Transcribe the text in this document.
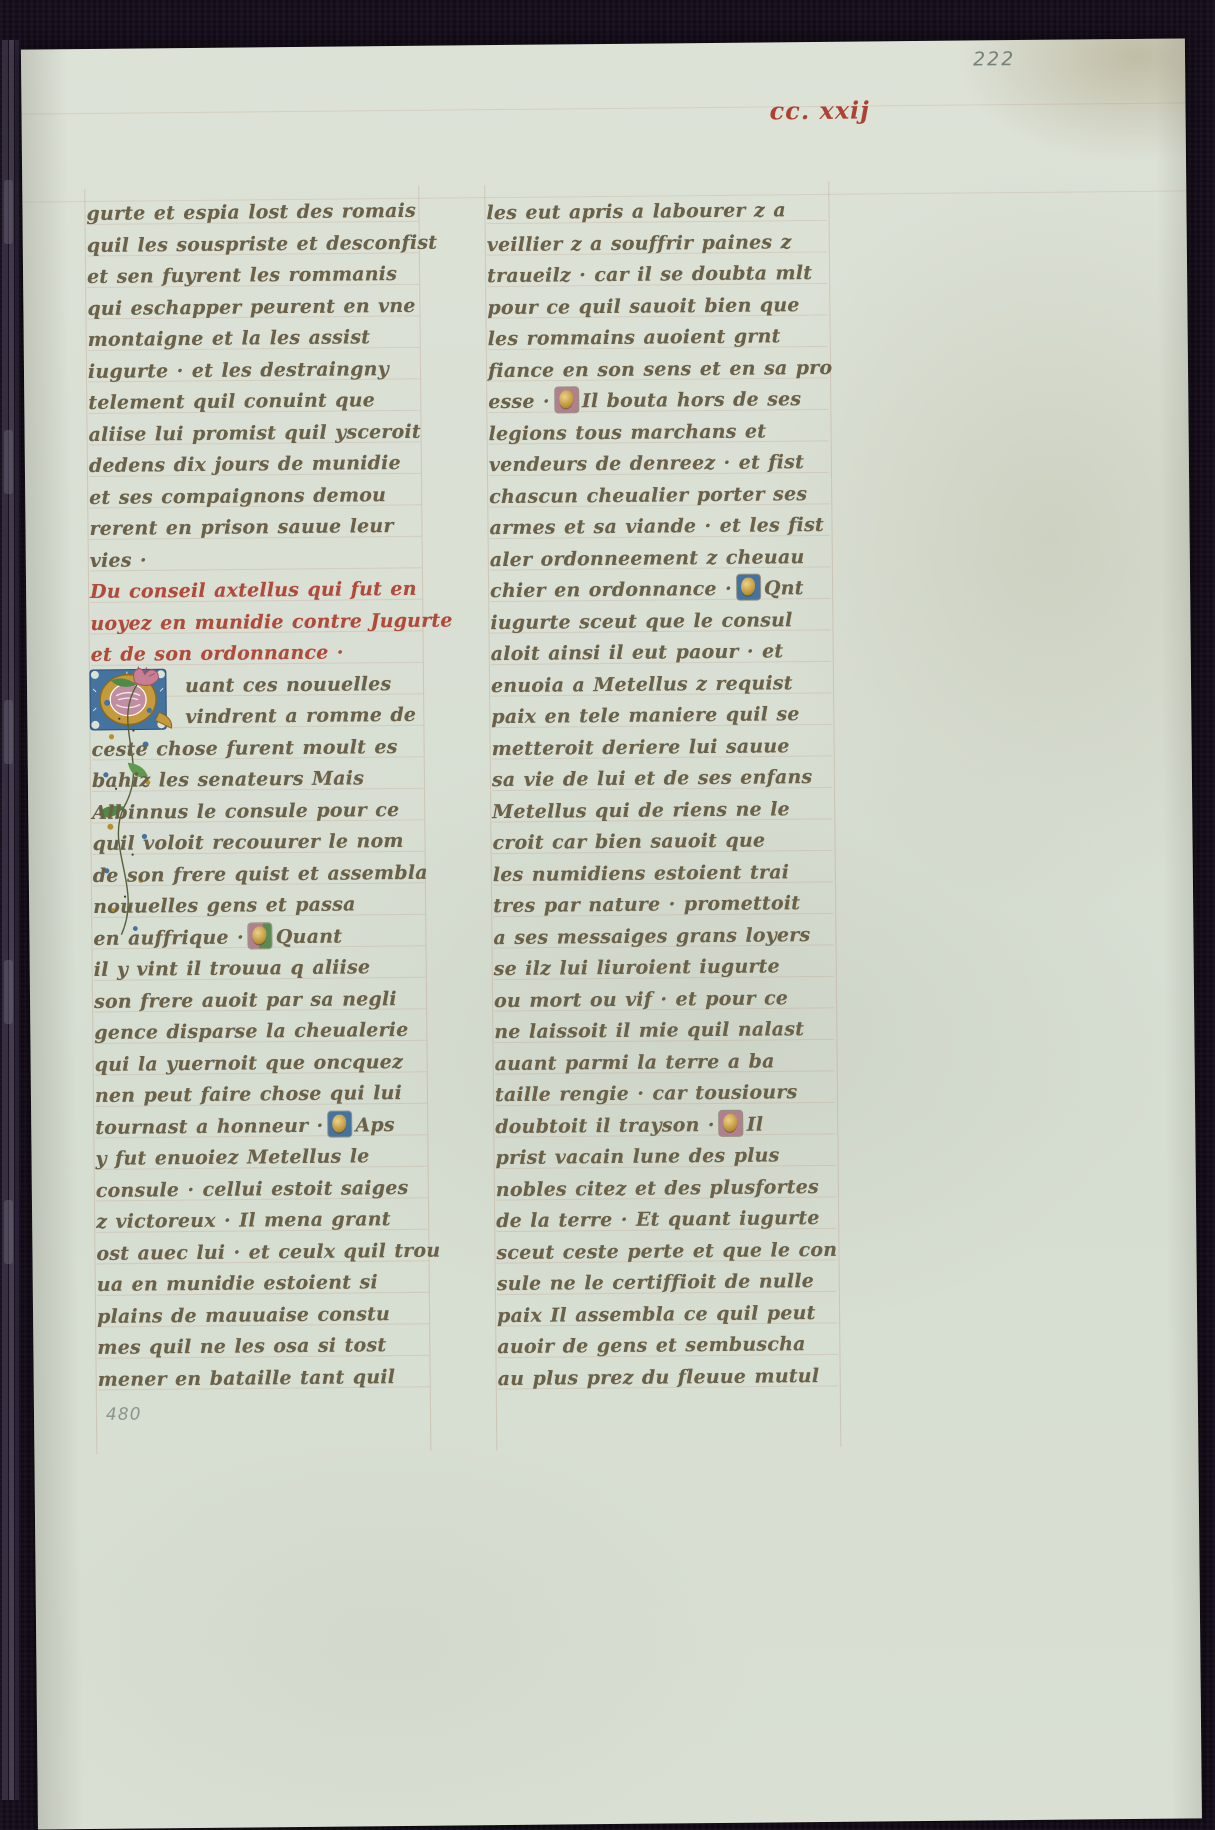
222
cc. xxij
480
gurte et espia lost des romais
quil les souspriste et desconfist
et sen fuyrent les rommanis
qui eschapper peurent en vne
montaigne et la les assist
iugurte · et les destraingny
telement quil conuint que
aliise lui promist quil ysceroit
dedens dix jours de munidie
et ses compaignons demou
rerent en prison sauue leur
vies ·
Du conseil axtellus qui fut en
uoyez en munidie contre Jugurte
et de son ordonnance ·
uant ces nouuelles
vindrent a romme de
ceste chose furent moult es
bahiz les senateurs Mais
Albinnus le consule pour ce
quil voloit recouurer le nom
de son frere quist et assembla
nouuelles gens et passa
en auffrique · Quant
il y vint il trouua q aliise
son frere auoit par sa negli
gence disparse la cheualerie
qui la yuernoit que oncquez
nen peut faire chose qui lui
tournast a honneur · Aps
y fut enuoiez Metellus le
consule · cellui estoit saiges
z victoreux · Il mena grant
ost auec lui · et ceulx quil trou
ua en munidie estoient si
plains de mauuaise constu
mes quil ne les osa si tost
mener en bataille tant quil
les eut apris a labourer z a
veillier z a souffrir paines z
traueilz · car il se doubta mlt
pour ce quil sauoit bien que
les rommains auoient grnt
fiance en son sens et en sa pro
esse · Il bouta hors de ses
legions tous marchans et
vendeurs de denreez · et fist
chascun cheualier porter ses
armes et sa viande · et les fist
aler ordonneement z cheuau
chier en ordonnance · Qnt
iugurte sceut que le consul
aloit ainsi il eut paour · et
enuoia a Metellus z requist
paix en tele maniere quil se
metteroit deriere lui sauue
sa vie de lui et de ses enfans
Metellus qui de riens ne le
croit car bien sauoit que
les numidiens estoient trai
tres par nature · promettoit
a ses messaiges grans loyers
se ilz lui liuroient iugurte
ou mort ou vif · et pour ce
ne laissoit il mie quil nalast
auant parmi la terre a ba
taille rengie · car tousiours
doubtoit il trayson · Il
prist vacain lune des plus
nobles citez et des plusfortes
de la terre · Et quant iugurte
sceut ceste perte et que le con
sule ne le certiffioit de nulle
paix Il assembla ce quil peut
auoir de gens et sembuscha
au plus prez du fleuue mutul
